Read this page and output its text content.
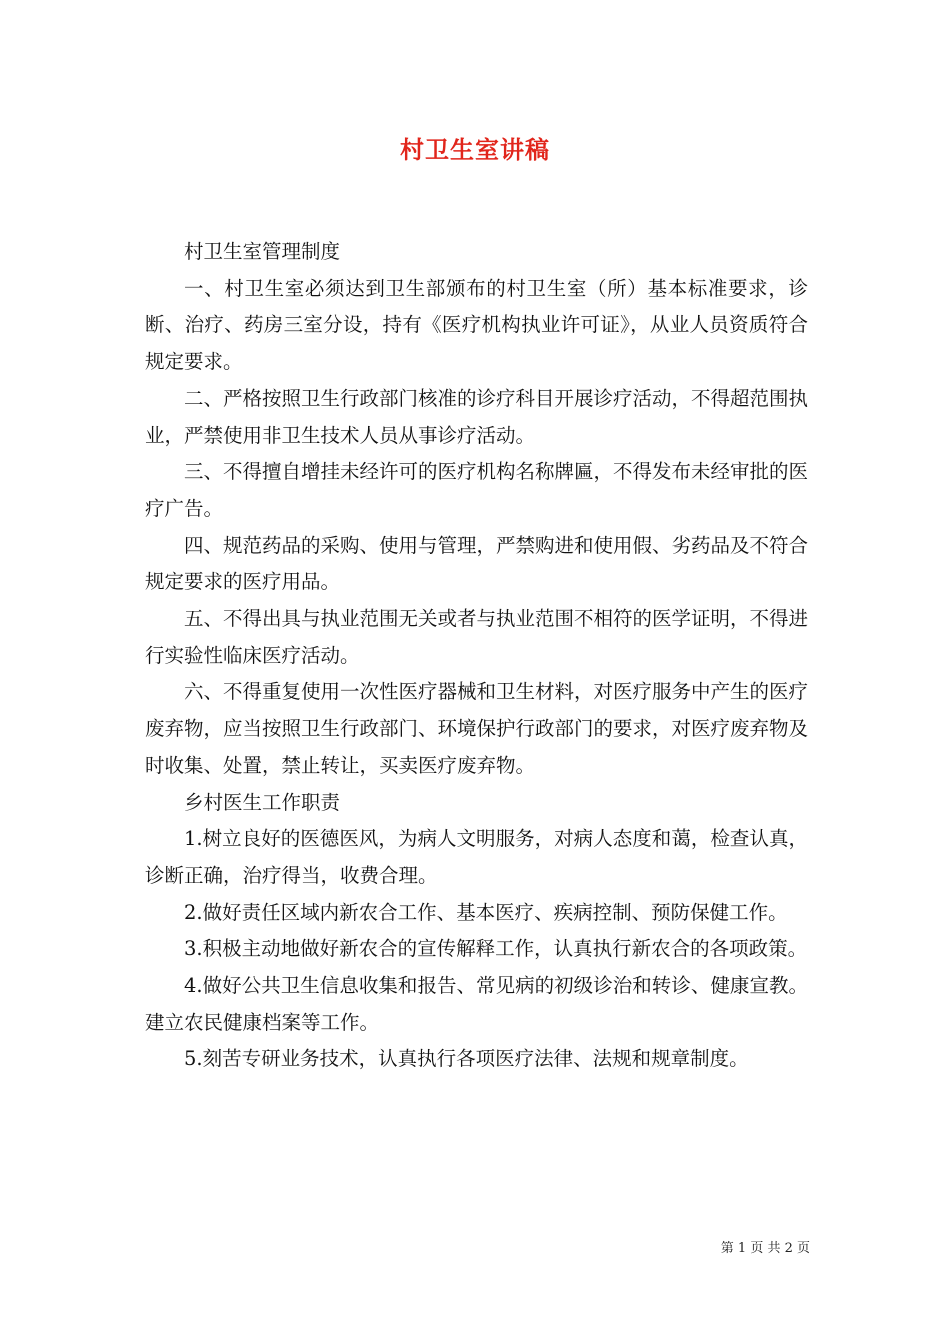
村卫生室讲稿

村卫生室管理制度

一、村卫生室必须达到卫生部颁布的村卫生室（所）基本标准要求，诊断、治疗、药房三室分设，持有《医疗机构执业许可证》，从业人员资质符合规定要求。

二、严格按照卫生行政部门核准的诊疗科目开展诊疗活动，不得超范围执业，严禁使用非卫生技术人员从事诊疗活动。

三、不得擅自增挂未经许可的医疗机构名称牌匾，不得发布未经审批的医疗广告。

四、规范药品的采购、使用与管理，严禁购进和使用假、劣药品及不符合规定要求的医疗用品。

五、不得出具与执业范围无关或者与执业范围不相符的医学证明，不得进行实验性临床医疗活动。

六、不得重复使用一次性医疗器械和卫生材料，对医疗服务中产生的医疗废弃物，应当按照卫生行政部门、环境保护行政部门的要求，对医疗废弃物及时收集、处置，禁止转让，买卖医疗废弃物。

乡村医生工作职责

1.树立良好的医德医风，为病人文明服务，对病人态度和蔼，检查认真，诊断正确，治疗得当，收费合理。

2.做好责任区域内新农合工作、基本医疗、疾病控制、预防保健工作。

3.积极主动地做好新农合的宣传解释工作，认真执行新农合的各项政策。

4.做好公共卫生信息收集和报告、常见病的初级诊治和转诊、健康宣教。建立农民健康档案等工作。

5.刻苦专研业务技术，认真执行各项医疗法律、法规和规章制度。

第 1 页 共 2 页
